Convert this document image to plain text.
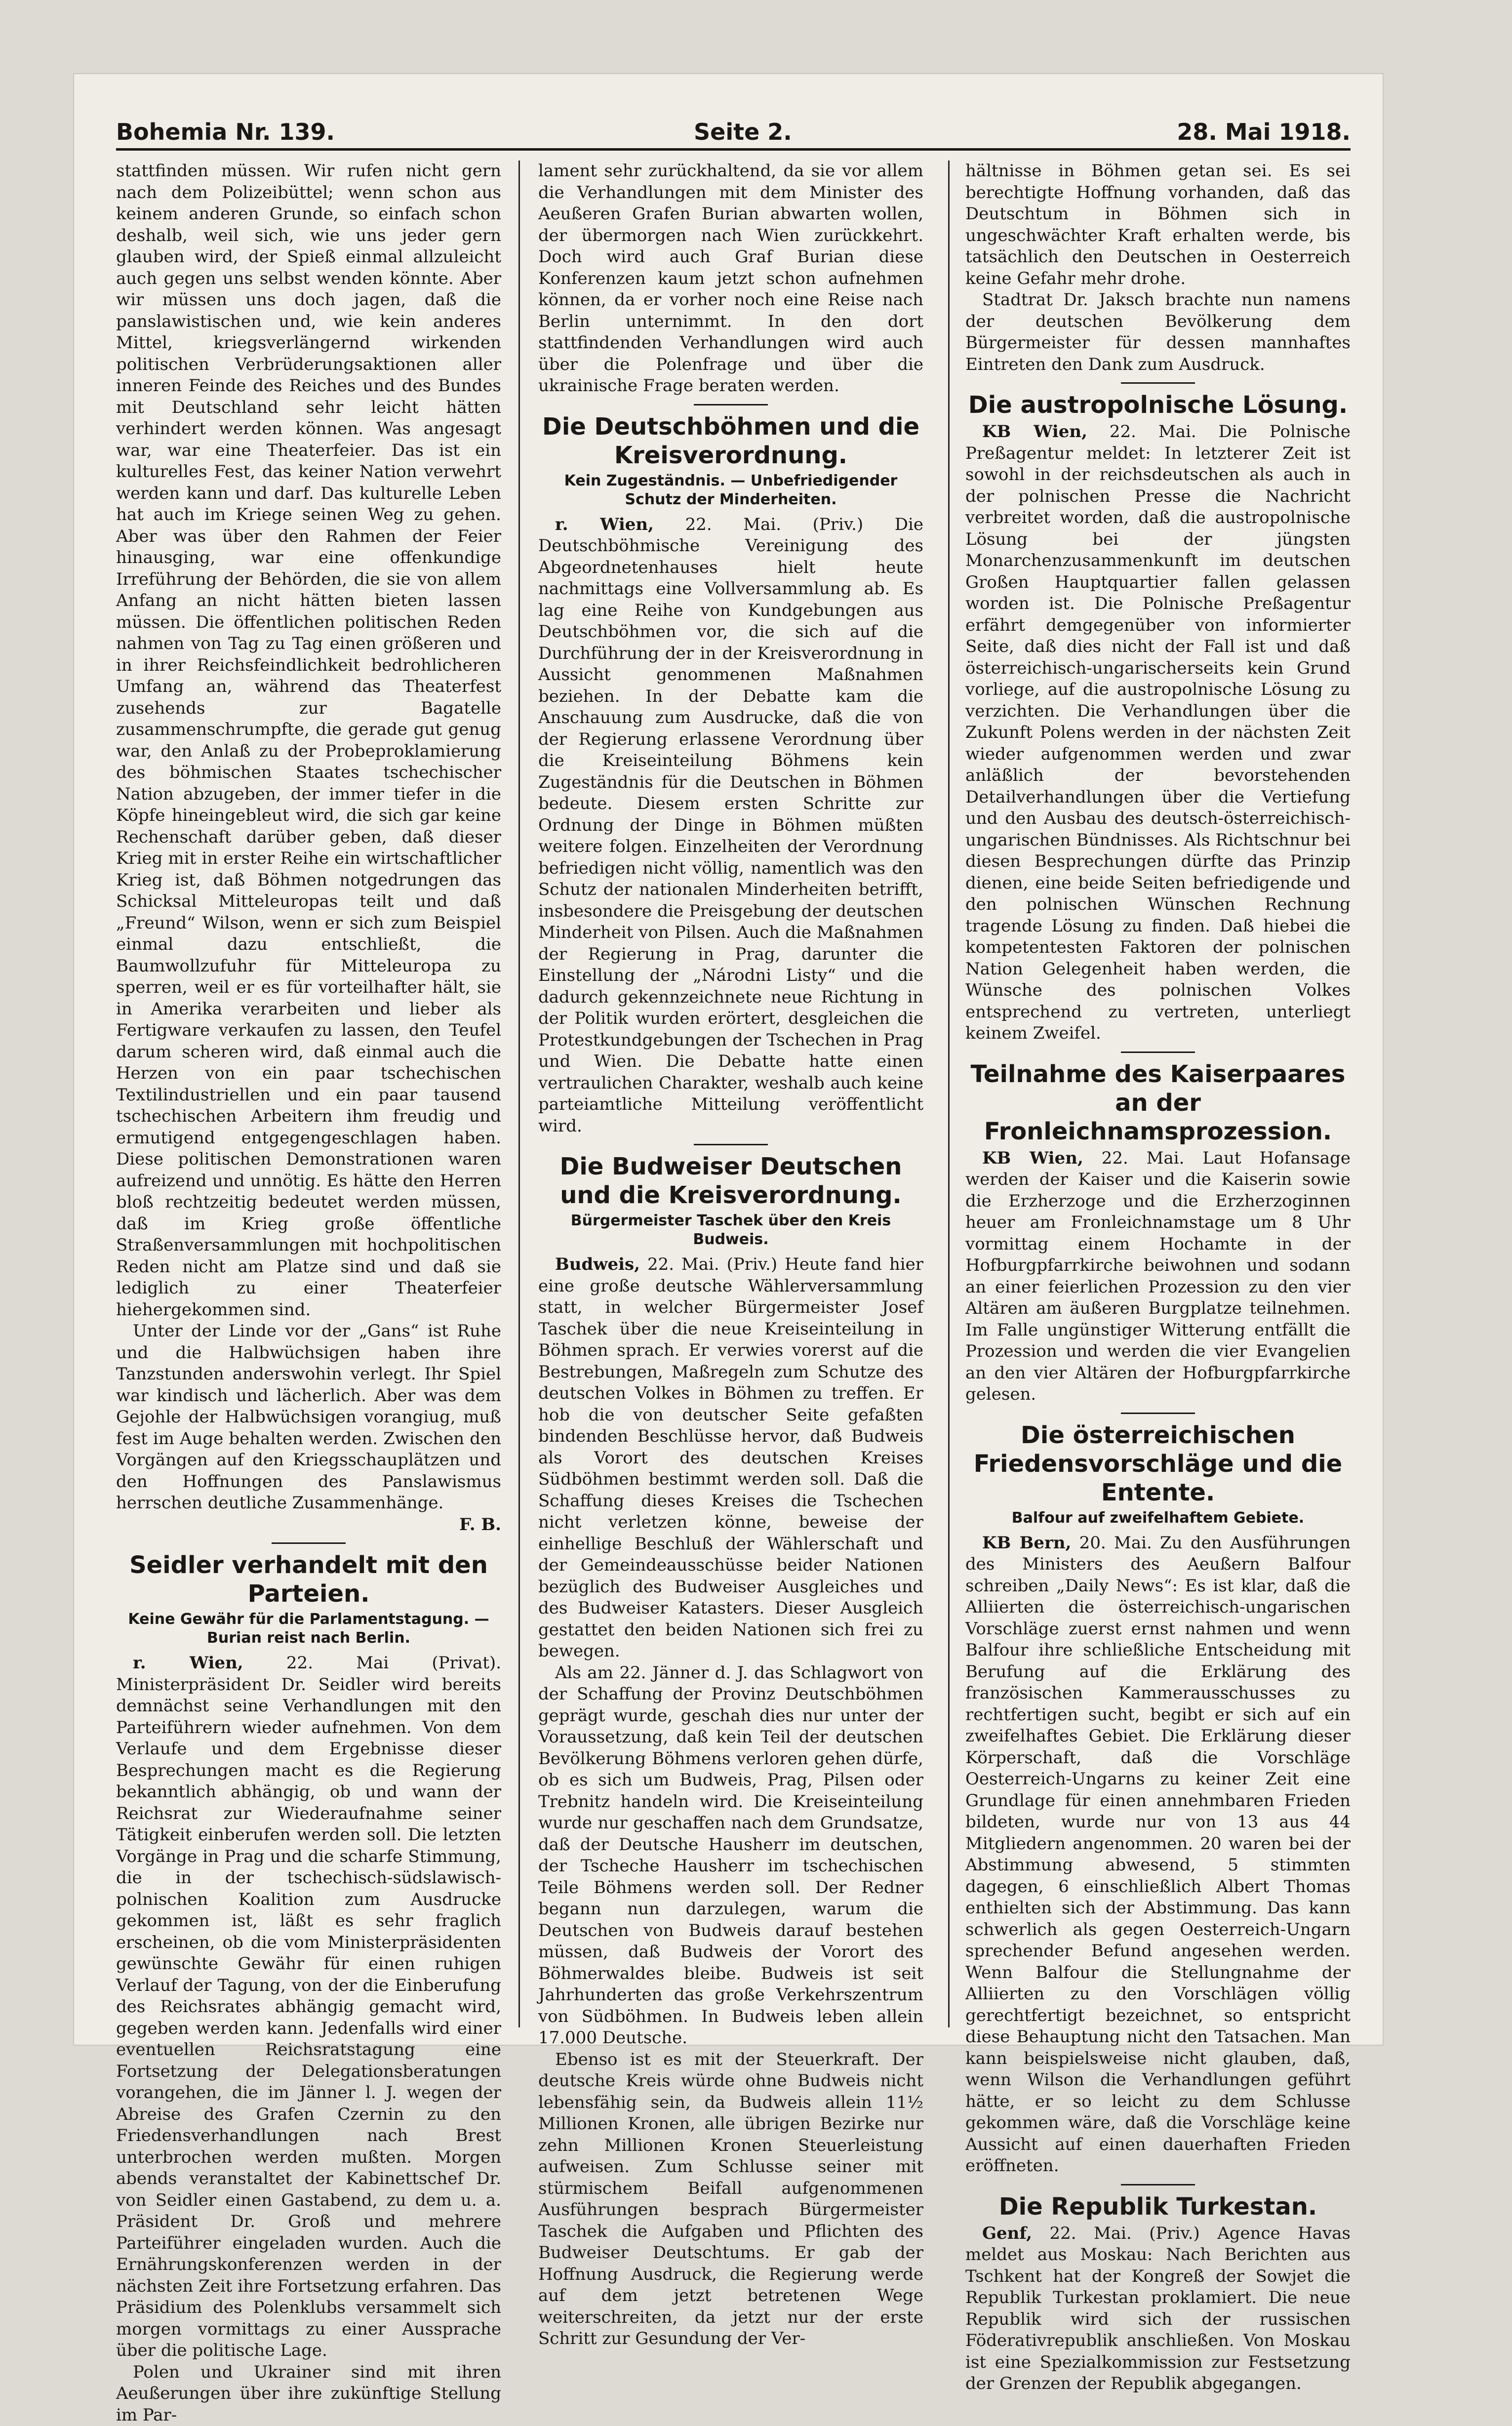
Bohemia Nr. 139.	Seite 2.	28. Mai 1918.

stattfinden müssen. Wir rufen nicht gern nach dem Polizeibüttel; wenn schon aus keinem anderen Grunde, so einfach schon deshalb, weil sich, wie uns jeder gern glauben wird, der Spieß einmal allzuleicht auch gegen uns selbst wenden könnte. Aber wir müssen uns doch jagen, daß die panslawistischen und, wie kein anderes Mittel, kriegsverlängernd wirkenden politischen Verbrüderungsaktionen aller inneren Feinde des Reiches und des Bundes mit Deutschland sehr leicht hätten verhindert werden können. Was angesagt war, war eine Theaterfeier. Das ist ein kulturelles Fest, das keiner Nation verwehrt werden kann und darf. Das kulturelle Leben hat auch im Kriege seinen Weg zu gehen. Aber was über den Rahmen der Feier hinausging, war eine offenkundige Irreführung der Behörden, die sie von allem Anfang an nicht hätten bieten lassen müssen. Die öffentlichen politischen Reden nahmen von Tag zu Tag einen größeren und in ihrer Reichsfeindlichkeit bedrohlicheren Umfang an, während das Theaterfest zusehends zur Bagatelle zusammenschrumpfte, die gerade gut genug war, den Anlaß zu der Probeproklamierung des böhmischen Staates tschechischer Nation abzugeben, der immer tiefer in die Köpfe hineingebleut wird, die sich gar keine Rechenschaft darüber geben, daß dieser Krieg mit in erster Reihe ein wirtschaftlicher Krieg ist, daß Böhmen notgedrungen das Schicksal Mitteleuropas teilt und daß „Freund“ Wilson, wenn er sich zum Beispiel einmal dazu entschließt, die Baumwollzufuhr für Mitteleuropa zu sperren, weil er es für vorteilhafter hält, sie in Amerika verarbeiten und lieber als Fertigware verkaufen zu lassen, den Teufel darum scheren wird, daß einmal auch die Herzen von ein paar tschechischen Textilindustriellen und ein paar tausend tschechischen Arbeitern ihm freudig und ermutigend entgegengeschlagen haben. Diese politischen Demonstrationen waren aufreizend und unnötig. Es hätte den Herren bloß rechtzeitig bedeutet werden müssen, daß im Krieg große öffentliche Straßenversammlungen mit hochpolitischen Reden nicht am Platze sind und daß sie lediglich zu einer Theaterfeier hiehergekommen sind.

Unter der Linde vor der „Gans“ ist Ruhe und die Halbwüchsigen haben ihre Tanzstunden anderswohin verlegt. Ihr Spiel war kindisch und lächerlich. Aber was dem Gejohle der Halbwüchsigen vorangiug, muß fest im Auge behalten werden. Zwischen den Vorgängen auf den Kriegsschauplätzen und den Hoffnungen des Panslawismus herrschen deutliche Zusammenhänge.

F. B.

Seidler verhandelt mit den Parteien.
Keine Gewähr für die Parlamentstagung. — Burian reist nach Berlin.

r. Wien, 22. Mai (Privat). Ministerpräsident Dr. Seidler wird bereits demnächst seine Verhandlungen mit den Parteiführern wieder aufnehmen. Von dem Verlaufe und dem Ergebnisse dieser Besprechungen macht es die Regierung bekanntlich abhängig, ob und wann der Reichsrat zur Wiederaufnahme seiner Tätigkeit einberufen werden soll. Die letzten Vorgänge in Prag und die scharfe Stimmung, die in der tschechisch-südslawisch-polnischen Koalition zum Ausdrucke gekommen ist, läßt es sehr fraglich erscheinen, ob die vom Ministerpräsidenten gewünschte Gewähr für einen ruhigen Verlauf der Tagung, von der die Einberufung des Reichsrates abhängig gemacht wird, gegeben werden kann. Jedenfalls wird einer eventuellen Reichsratstagung eine Fortsetzung der Delegationsberatungen vorangehen, die im Jänner l. J. wegen der Abreise des Grafen Czernin zu den Friedensverhandlungen nach Brest unterbrochen werden mußten. Morgen abends veranstaltet der Kabinettschef Dr. von Seidler einen Gastabend, zu dem u. a. Präsident Dr. Groß und mehrere Parteiführer eingeladen wurden. Auch die Ernährungskonferenzen werden in der nächsten Zeit ihre Fortsetzung erfahren. Das Präsidium des Polenklubs versammelt sich morgen vormittags zu einer Aussprache über die politische Lage.

Polen und Ukrainer sind mit ihren Aeußerungen über ihre zukünftige Stellung im Par-

lament sehr zurückhaltend, da sie vor allem die Verhandlungen mit dem Minister des Aeußeren Grafen Burian abwarten wollen, der übermorgen nach Wien zurückkehrt. Doch wird auch Graf Burian diese Konferenzen kaum jetzt schon aufnehmen können, da er vorher noch eine Reise nach Berlin unternimmt. In den dort stattfindenden Verhandlungen wird auch über die Polenfrage und über die ukrainische Frage beraten werden.

Die Deutschböhmen und die Kreisverordnung.
Kein Zugeständnis. — Unbefriedigender Schutz der Minderheiten.

r. Wien, 22. Mai. (Priv.) Die Deutschböhmische Vereinigung des Abgeordnetenhauses hielt heute nachmittags eine Vollversammlung ab. Es lag eine Reihe von Kundgebungen aus Deutschböhmen vor, die sich auf die Durchführung der in der Kreisverordnung in Aussicht genommenen Maßnahmen beziehen. In der Debatte kam die Anschauung zum Ausdrucke, daß die von der Regierung erlassene Verordnung über die Kreiseinteilung Böhmens kein Zugeständnis für die Deutschen in Böhmen bedeute. Diesem ersten Schritte zur Ordnung der Dinge in Böhmen müßten weitere folgen. Einzelheiten der Verordnung befriedigen nicht völlig, namentlich was den Schutz der nationalen Minderheiten betrifft, insbesondere die Preisgebung der deutschen Minderheit von Pilsen. Auch die Maßnahmen der Regierung in Prag, darunter die Einstellung der „Národni Listy“ und die dadurch gekennzeichnete neue Richtung in der Politik wurden erörtert, desgleichen die Protestkundgebungen der Tschechen in Prag und Wien. Die Debatte hatte einen vertraulichen Charakter, weshalb auch keine parteiamtliche Mitteilung veröffentlicht wird.

Die Budweiser Deutschen und die Kreisverordnung.
Bürgermeister Taschek über den Kreis Budweis.

Budweis, 22. Mai. (Priv.) Heute fand hier eine große deutsche Wählerversammlung statt, in welcher Bürgermeister Josef Taschek über die neue Kreiseinteilung in Böhmen sprach. Er verwies vorerst auf die Bestrebungen, Maßregeln zum Schutze des deutschen Volkes in Böhmen zu treffen. Er hob die von deutscher Seite gefaßten bindenden Beschlüsse hervor, daß Budweis als Vorort des deutschen Kreises Südböhmen bestimmt werden soll. Daß die Schaffung dieses Kreises die Tschechen nicht verletzen könne, beweise der einhellige Beschluß der Wählerschaft und der Gemeindeausschüsse beider Nationen bezüglich des Budweiser Ausgleiches und des Budweiser Katasters. Dieser Ausgleich gestattet den beiden Nationen sich frei zu bewegen.

Als am 22. Jänner d. J. das Schlagwort von der Schaffung der Provinz Deutschböhmen geprägt wurde, geschah dies nur unter der Voraussetzung, daß kein Teil der deutschen Bevölkerung Böhmens verloren gehen dürfe, ob es sich um Budweis, Prag, Pilsen oder Trebnitz handeln wird. Die Kreiseinteilung wurde nur geschaffen nach dem Grundsatze, daß der Deutsche Hausherr im deutschen, der Tscheche Hausherr im tschechischen Teile Böhmens werden soll. Der Redner begann nun darzulegen, warum die Deutschen von Budweis darauf bestehen müssen, daß Budweis der Vorort des Böhmerwaldes bleibe. Budweis ist seit Jahrhunderten das große Verkehrszentrum von Südböhmen. In Budweis leben allein 17.000 Deutsche.

Ebenso ist es mit der Steuerkraft. Der deutsche Kreis würde ohne Budweis nicht lebensfähig sein, da Budweis allein 11½ Millionen Kronen, alle übrigen Bezirke nur zehn Millionen Kronen Steuerleistung aufweisen. Zum Schlusse seiner mit stürmischem Beifall aufgenommenen Ausführungen besprach Bürgermeister Taschek die Aufgaben und Pflichten des Budweiser Deutschtums. Er gab der Hoffnung Ausdruck, die Regierung werde auf dem jetzt betretenen Wege weiterschreiten, da jetzt nur der erste Schritt zur Gesundung der Ver-

hältnisse in Böhmen getan sei. Es sei berechtigte Hoffnung vorhanden, daß das Deutschtum in Böhmen sich in ungeschwächter Kraft erhalten werde, bis tatsächlich den Deutschen in Oesterreich keine Gefahr mehr drohe.

Stadtrat Dr. Jaksch brachte nun namens der deutschen Bevölkerung dem Bürgermeister für dessen mannhaftes Eintreten den Dank zum Ausdruck.

Die austropolnische Lösung.

KB Wien, 22. Mai. Die Polnische Preßagentur meldet: In letzterer Zeit ist sowohl in der reichsdeutschen als auch in der polnischen Presse die Nachricht verbreitet worden, daß die austropolnische Lösung bei der jüngsten Monarchenzusammenkunft im deutschen Großen Hauptquartier fallen gelassen worden ist. Die Polnische Preßagentur erfährt demgegenüber von informierter Seite, daß dies nicht der Fall ist und daß österreichisch-ungarischerseits kein Grund vorliege, auf die austropolnische Lösung zu verzichten. Die Verhandlungen über die Zukunft Polens werden in der nächsten Zeit wieder aufgenommen werden und zwar anläßlich der bevorstehenden Detailverhandlungen über die Vertiefung und den Ausbau des deutsch-österreichisch-ungarischen Bündnisses. Als Richtschnur bei diesen Besprechungen dürfte das Prinzip dienen, eine beide Seiten befriedigende und den polnischen Wünschen Rechnung tragende Lösung zu finden. Daß hiebei die kompetentesten Faktoren der polnischen Nation Gelegenheit haben werden, die Wünsche des polnischen Volkes entsprechend zu vertreten, unterliegt keinem Zweifel.

Teilnahme des Kaiserpaares an der Fronleichnamsprozession.

KB Wien, 22. Mai. Laut Hofansage werden der Kaiser und die Kaiserin sowie die Erzherzoge und die Erzherzoginnen heuer am Fronleichnamstage um 8 Uhr vormittag einem Hochamte in der Hofburgpfarrkirche beiwohnen und sodann an einer feierlichen Prozession zu den vier Altären am äußeren Burgplatze teilnehmen. Im Falle ungünstiger Witterung entfällt die Prozession und werden die vier Evangelien an den vier Altären der Hofburgpfarrkirche gelesen.

Die österreichischen Friedensvorschläge und die Entente.
Balfour auf zweifelhaftem Gebiete.

KB Bern, 20. Mai. Zu den Ausführungen des Ministers des Aeußern Balfour schreiben „Daily News“: Es ist klar, daß die Alliierten die österreichisch-ungarischen Vorschläge zuerst ernst nahmen und wenn Balfour ihre schließliche Entscheidung mit Berufung auf die Erklärung des französischen Kammerausschusses zu rechtfertigen sucht, begibt er sich auf ein zweifelhaftes Gebiet. Die Erklärung dieser Körperschaft, daß die Vorschläge Oesterreich-Ungarns zu keiner Zeit eine Grundlage für einen annehmbaren Frieden bildeten, wurde nur von 13 aus 44 Mitgliedern angenommen. 20 waren bei der Abstimmung abwesend, 5 stimmten dagegen, 6 einschließlich Albert Thomas enthielten sich der Abstimmung. Das kann schwerlich als gegen Oesterreich-Ungarn sprechender Befund angesehen werden. Wenn Balfour die Stellungnahme der Alliierten zu den Vorschlägen völlig gerechtfertigt bezeichnet, so entspricht diese Behauptung nicht den Tatsachen. Man kann beispielsweise nicht glauben, daß, wenn Wilson die Verhandlungen geführt hätte, er so leicht zu dem Schlusse gekommen wäre, daß die Vorschläge keine Aussicht auf einen dauerhaften Frieden eröffneten.

Die Republik Turkestan.

Genf, 22. Mai. (Priv.) Agence Havas meldet aus Moskau: Nach Berichten aus Tschkent hat der Kongreß der Sowjet die Republik Turkestan proklamiert. Die neue Republik wird sich der russischen Föderativrepublik anschließen. Von Moskau ist eine Spezialkommission zur Festsetzung der Grenzen der Republik abgegangen.
